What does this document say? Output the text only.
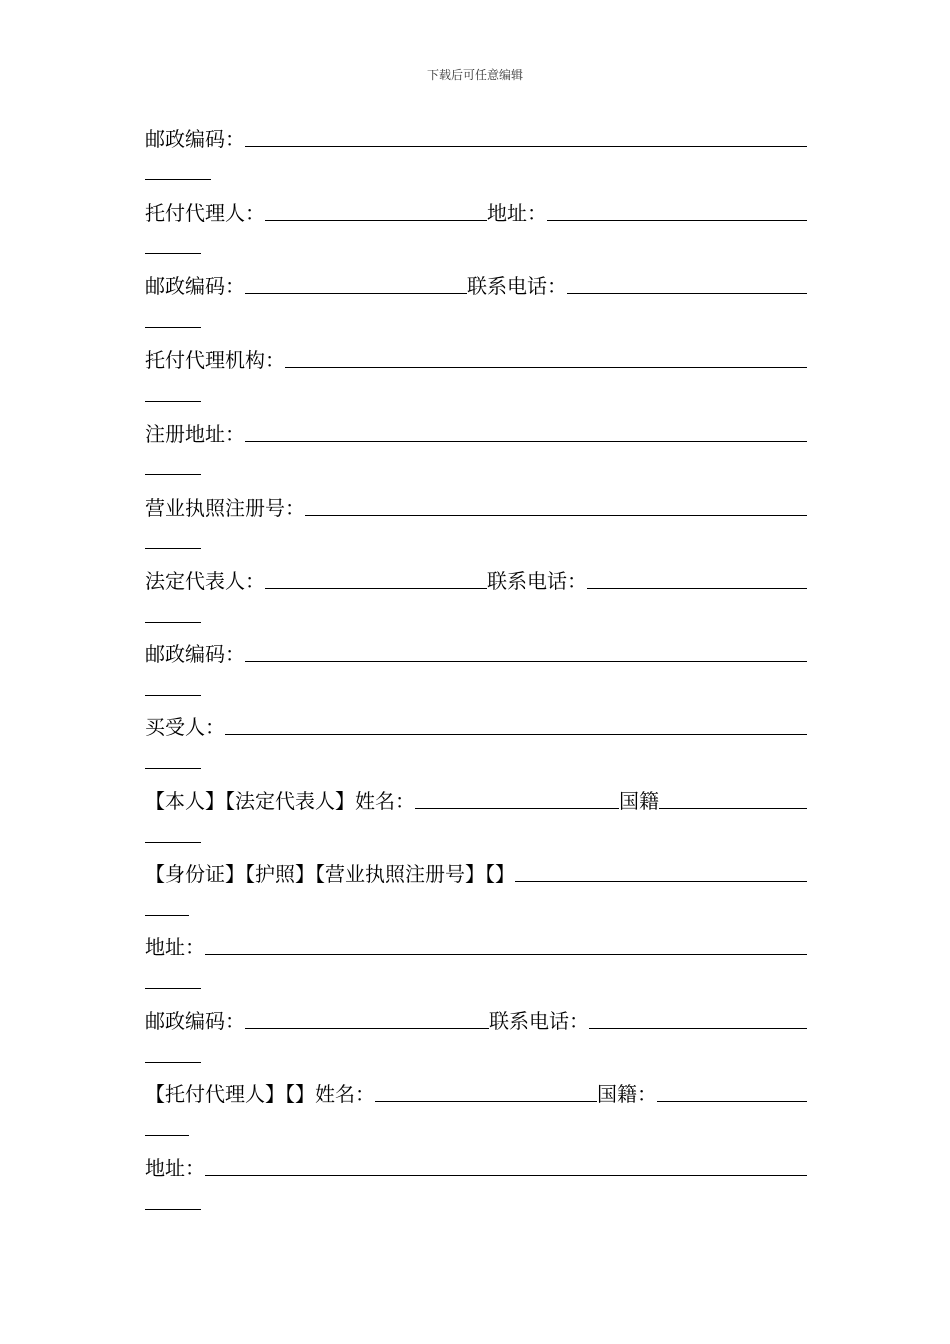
下载后可任意编辑
邮政编码：
托付代理人：	地址：
邮政编码：	联系电话：
托付代理机构：
注册地址：
营业执照注册号：
法定代表人：	联系电话：
邮政编码：
买受人：
【本人】【法定代表人】姓名：	国籍
【身份证】【护照】【营业执照注册号】【】
地址：
邮政编码：	联系电话：
【托付代理人】【】姓名：	国籍：
地址：
